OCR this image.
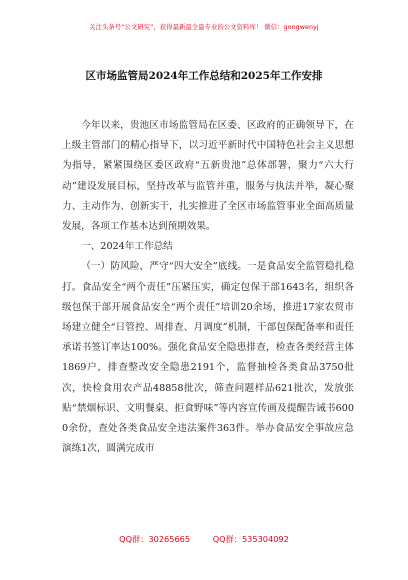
关注头条号“公文研究”，获得最新最全最专业的公文资料库！ 微信：gongwenyj
区市场监管局2024年工作总结和2025年工作安排

今年以来，贵池区市场监管局在区委、区政府的正确领导下，在上级主管部门的精心指导下，以习近平新时代中国特色社会主义思想为指导，紧紧围绕区委区政府“五新贵池”总体部署，聚力“六大行动”建设发展目标，坚持改革与监管并重，服务与执法并举，凝心聚力、主动作为、创新实干，扎实推进了全区市场监管事业全面高质量发展，各项工作基本达到预期效果。

一、2024年工作总结

（一）防风险，严守“四大安全”底线。一是食品安全监管稳扎稳打。食品安全“两个责任”压紧压实，确定包保干部1643名，组织各级包保干部开展食品安全“两个责任”培训20余场，推进17家农贸市场建立健全“日管控、周排查、月调度”机制，干部包保配备率和责任承诺书签订率达100%。强化食品安全隐患排查，检查各类经营主体1869户，排查整改安全隐患2191个，监督抽检各类食品3750批次，快检食用农产品48858批次，筛查问题样品621批次，发放张贴“禁烟标识、文明餐桌、拒食野味”等内容宣传画及提醒告诫书6000余份，查处各类食品安全违法案件363件。举办食品安全事故应急演练1次，圆满完成市

QQ群：30265665	QQ群：535304092
